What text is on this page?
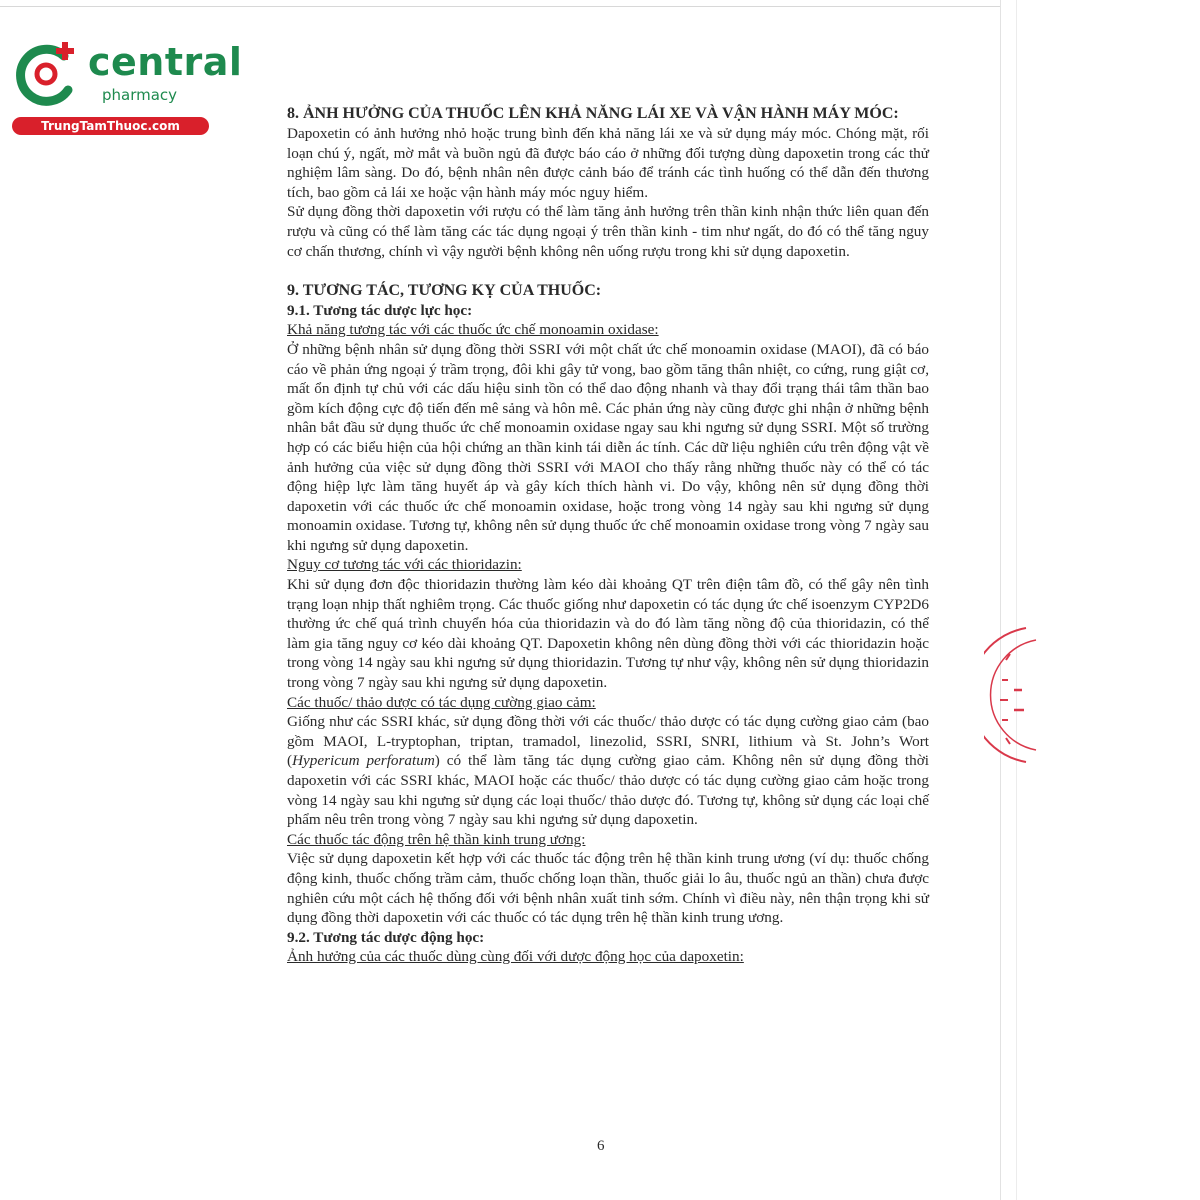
central
pharmacy
TrungTamThuoc.com
8. ẢNH HƯỞNG CỦA THUỐC LÊN KHẢ NĂNG LÁI XE VÀ VẬN HÀNH MÁY MÓC:

Dapoxetin có ảnh hưởng nhỏ hoặc trung bình đến khả năng lái xe và sử dụng máy móc. Chóng mặt, rối loạn chú ý, ngất, mờ mắt và buồn ngủ đã được báo cáo ở những đối tượng dùng dapoxetin trong các thử nghiệm lâm sàng. Do đó, bệnh nhân nên được cảnh báo để tránh các tình huống có thể dẫn đến thương tích, bao gồm cả lái xe hoặc vận hành máy móc nguy hiểm.

Sử dụng đồng thời dapoxetin với rượu có thể làm tăng ảnh hưởng trên thần kinh nhận thức liên quan đến rượu và cũng có thể làm tăng các tác dụng ngoại ý trên thần kinh - tim như ngất, do đó có thể tăng nguy cơ chấn thương, chính vì vậy người bệnh không nên uống rượu trong khi sử dụng dapoxetin.

9. TƯƠNG TÁC, TƯƠNG KỴ CỦA THUỐC:
9.1. Tương tác dược lực học:
Khả năng tương tác với các thuốc ức chế monoamin oxidase:

Ở những bệnh nhân sử dụng đồng thời SSRI với một chất ức chế monoamin oxidase (MAOI), đã có báo cáo về phản ứng ngoại ý trầm trọng, đôi khi gây tử vong, bao gồm tăng thân nhiệt, co cứng, rung giật cơ, mất ổn định tự chủ với các dấu hiệu sinh tồn có thể dao động nhanh và thay đổi trạng thái tâm thần bao gồm kích động cực độ tiến đến mê sảng và hôn mê. Các phản ứng này cũng được ghi nhận ở những bệnh nhân bắt đầu sử dụng thuốc ức chế monoamin oxidase ngay sau khi ngưng sử dụng SSRI. Một số trường hợp có các biểu hiện của hội chứng an thần kinh tái diễn ác tính. Các dữ liệu nghiên cứu trên động vật về ảnh hưởng của việc sử dụng đồng thời SSRI với MAOI cho thấy rằng những thuốc này có thể có tác động hiệp lực làm tăng huyết áp và gây kích thích hành vi. Do vậy, không nên sử dụng đồng thời dapoxetin với các thuốc ức chế monoamin oxidase, hoặc trong vòng 14 ngày sau khi ngưng sử dụng monoamin oxidase. Tương tự, không nên sử dụng thuốc ức chế monoamin oxidase trong vòng 7 ngày sau khi ngưng sử dụng dapoxetin.

Nguy cơ tương tác với các thioridazin:

Khi sử dụng đơn độc thioridazin thường làm kéo dài khoảng QT trên điện tâm đồ, có thể gây nên tình trạng loạn nhịp thất nghiêm trọng. Các thuốc giống như dapoxetin có tác dụng ức chế isoenzym CYP2D6 thường ức chế quá trình chuyển hóa của thioridazin và do đó làm tăng nồng độ của thioridazin, có thể làm gia tăng nguy cơ kéo dài khoảng QT. Dapoxetin không nên dùng đồng thời với các thioridazin hoặc trong vòng 14 ngày sau khi ngưng sử dụng thioridazin. Tương tự như vậy, không nên sử dụng thioridazin trong vòng 7 ngày sau khi ngưng sử dụng dapoxetin.

Các thuốc/ thảo dược có tác dụng cường giao cảm:

Giống như các SSRI khác, sử dụng đồng thời với các thuốc/ thảo dược có tác dụng cường giao cảm (bao gồm MAOI, L-tryptophan, triptan, tramadol, linezolid, SSRI, SNRI, lithium và St. John’s Wort (Hypericum perforatum) có thể làm tăng tác dụng cường giao cảm. Không nên sử dụng đồng thời dapoxetin với các SSRI khác, MAOI hoặc các thuốc/ thảo dược có tác dụng cường giao cảm hoặc trong vòng 14 ngày sau khi ngưng sử dụng các loại thuốc/ thảo dược đó. Tương tự, không sử dụng các loại chế phẩm nêu trên trong vòng 7 ngày sau khi ngưng sử dụng dapoxetin.

Các thuốc tác động trên hệ thần kinh trung ương:

Việc sử dụng dapoxetin kết hợp với các thuốc tác động trên hệ thần kinh trung ương (ví dụ: thuốc chống động kinh, thuốc chống trầm cảm, thuốc chống loạn thần, thuốc giải lo âu, thuốc ngủ an thần) chưa được nghiên cứu một cách hệ thống đối với bệnh nhân xuất tinh sớm. Chính vì điều này, nên thận trọng khi sử dụng đồng thời dapoxetin với các thuốc có tác dụng trên hệ thần kinh trung ương.

9.2. Tương tác dược động học:
Ảnh hưởng của các thuốc dùng cùng đối với dược động học của dapoxetin:
6
